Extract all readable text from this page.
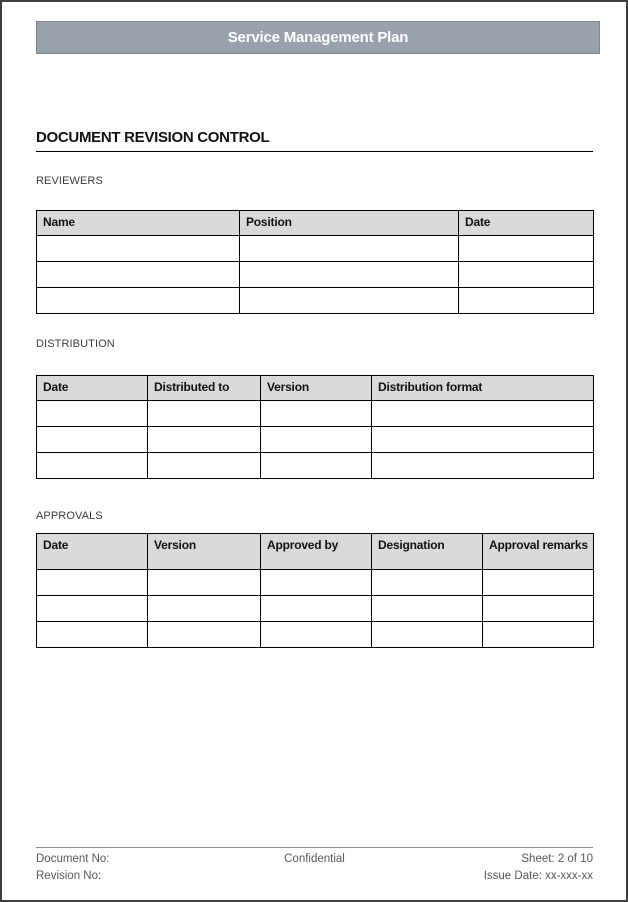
Service Management Plan
DOCUMENT REVISION CONTROL
REVIEWERS
Name	Position	Date

DISTRIBUTION
Date	Distributed to	Version	Distribution format

APPROVALS
Date	Version	Approved by	Designation	Approval remarks

Document No:
Revision No:
Confidential	Sheet: 2 of 10
Issue Date: xx-xxx-xx
